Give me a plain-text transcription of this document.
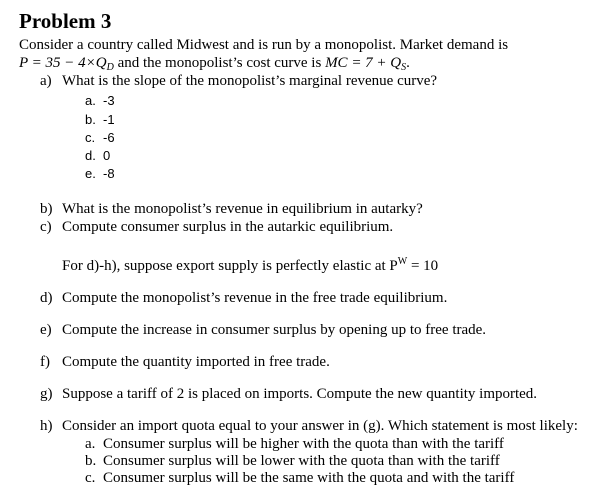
Problem 3
Consider a country called Midwest and is run by a monopolist. Market demand is
$P = 35 - 4\times Q_D$ and the monopolist’s cost curve is MC = $7 + Q_S$.
a) What is the slope of the monopolist’s marginal revenue curve?
a. -3
b. -1
c. -6
d. 0
e. -8
b) What is the monopolist’s revenue in equilibrium in autarky?
c) Compute consumer surplus in the autarkic equilibrium.
For d)-h), suppose export supply is perfectly elastic at $P^W = 10$
d) Compute the monopolist’s revenue in the free trade equilibrium.
e) Compute the increase in consumer surplus by opening up to free trade.
f) Compute the quantity imported in free trade.
g) Suppose a tariff of 2 is placed on imports. Compute the new quantity imported.
h) Consider an import quota equal to your answer in (g). Which statement is most likely:
a. Consumer surplus will be higher with the quota than with the tariff
b. Consumer surplus will be lower with the quota than with the tariff
c. Consumer surplus will be the same with the quota and with the tariff
